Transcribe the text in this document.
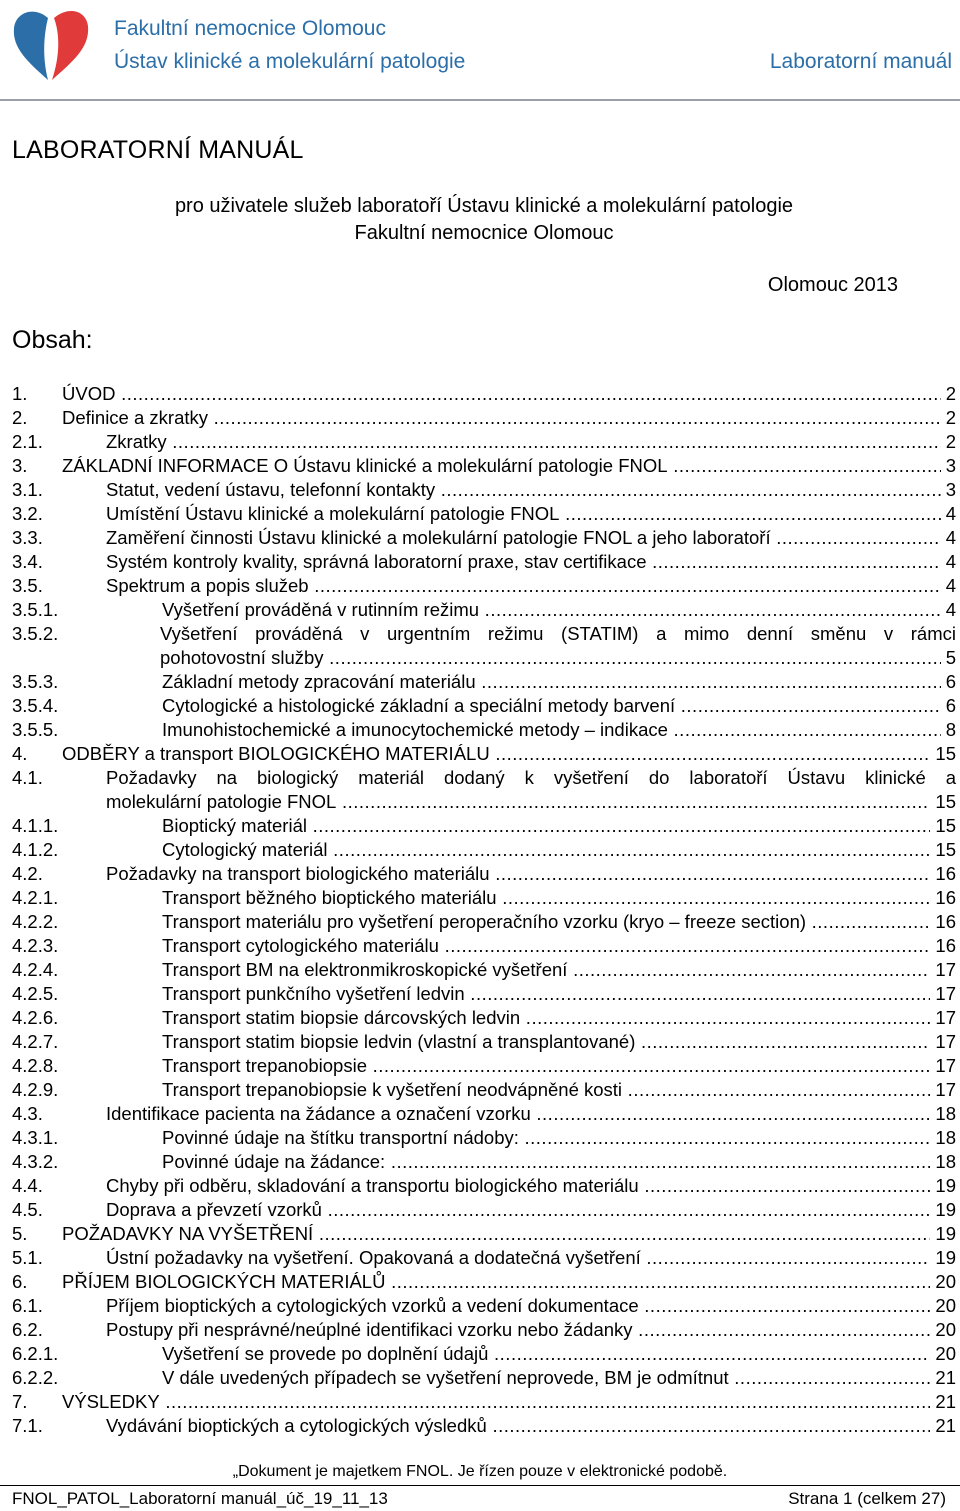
Fakultní nemocnice Olomouc
Ústav klinické a molekulární patologie	Laboratorní manuál
LABORATORNÍ MANUÁL
pro uživatele služeb laboratoří Ústavu klinické a molekulární patologie
Fakultní nemocnice Olomouc
Olomouc 2013
Obsah:
1. ÚVOD .....	2
2. Definice a zkratky .....	2
2.1.	Zkratky .....	2
3. ZÁKLADNÍ INFORMACE O Ústavu klinické a molekulární patologie FNOL .....	3
3.1.	Statut, vedení ústavu, telefonní kontakty .....	3
3.2.	Umístění Ústavu klinické a molekulární patologie FNOL .....	4
3.3.	Zaměření činnosti Ústavu klinické a molekulární patologie FNOL a jeho laboratoří .....	4
3.4.	Systém kontroly kvality, správná laboratorní praxe, stav certifikace .....	4
3.5.	Spektrum a popis služeb .....	4
3.5.1.	Vyšetření prováděná v rutinním režimu .....	4
3.5.2.	Vyšetření prováděná v urgentním režimu (STATIM) a mimo denní směnu v rámci
pohotovostní služby .....	5
3.5.3.	Základní metody zpracování materiálu .....	6
3.5.4.	Cytologické a histologické základní a speciální metody barvení .....	6
3.5.5.	Imunohistochemické a imunocytochemické metody – indikace .....	8
4. ODBĚRY a transport BIOLOGICKÉHO MATERIÁLU .....	15
4.1.	Požadavky na biologický materiál dodaný k vyšetření do laboratoří Ústavu klinické a
molekulární patologie FNOL .....	15
4.1.1.	Bioptický materiál .....	15
4.1.2.	Cytologický materiál .....	15
4.2.	Požadavky na transport biologického materiálu .....	16
4.2.1.	Transport běžného bioptického materiálu .....	16
4.2.2.	Transport materiálu pro vyšetření peroperačního vzorku (kryo – freeze section) .....	16
4.2.3.	Transport cytologického materiálu .....	16
4.2.4.	Transport BM na elektronmikroskopické vyšetření .....	17
4.2.5.	Transport punkčního vyšetření ledvin .....	17
4.2.6.	Transport statim biopsie dárcovských ledvin .....	17
4.2.7.	Transport statim biopsie ledvin (vlastní a transplantované) .....	17
4.2.8.	Transport trepanobiopsie .....	17
4.2.9.	Transport trepanobiopsie k vyšetření neodvápněné kosti .....	17
4.3.	Identifikace pacienta na žádance a označení vzorku .....	18
4.3.1.	Povinné údaje na štítku transportní nádoby: .....	18
4.3.2.	Povinné údaje na žádance: .....	18
4.4.	Chyby při odběru, skladování a transportu biologického materiálu .....	19
4.5.	Doprava a převzetí vzorků .....	19
5. POŽADAVKY NA VYŠETŘENÍ .....	19
5.1.	Ústní požadavky na vyšetření. Opakovaná a dodatečná vyšetření .....	19
6. PŘÍJEM BIOLOGICKÝCH MATERIÁLŮ .....	20
6.1.	Příjem bioptických a cytologických vzorků a vedení dokumentace .....	20
6.2.	Postupy při nesprávné/neúplné identifikaci vzorku nebo žádanky .....	20
6.2.1.	Vyšetření se provede po doplnění údajů .....	20
6.2.2.	V dále uvedených případech se vyšetření neprovede, BM je odmítnut .....	21
7. VÝSLEDKY .....	21
7.1.	Vydávání bioptických a cytologických výsledků .....	21
„Dokument je majetkem FNOL. Je řízen pouze v elektronické podobě.
FNOL_PATOL_Laboratorní manuál_úč_19_11_13	Strana 1 (celkem 27)
